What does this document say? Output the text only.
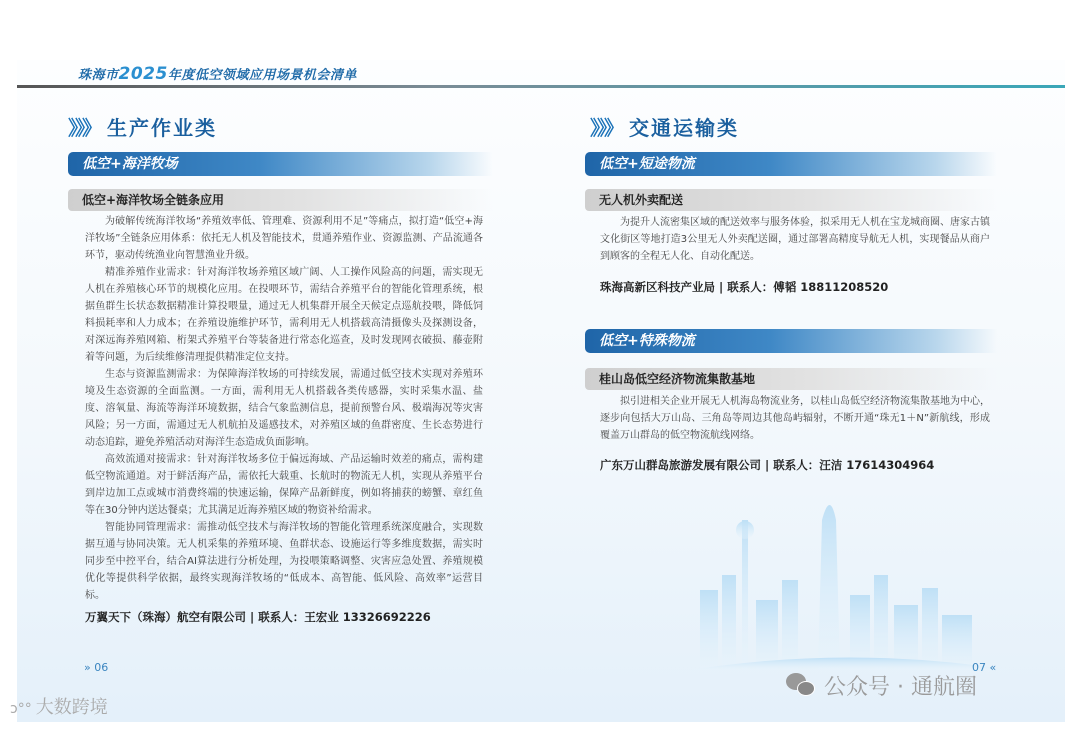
珠海市2025年度低空领域应用场景机会清单
》》》 生产作业类
低空+海洋牧场
低空+海洋牧场全链条应用

为破解传统海洋牧场“养殖效率低、管理难、资源利用不足”等痛点，拟打造“低空+海洋牧场”全链条应用体系：依托无人机及智能技术，贯通养殖作业、资源监测、产品流通各环节，驱动传统渔业向智慧渔业升级。

精准养殖作业需求：针对海洋牧场养殖区域广阔、人工操作风险高的问题，需实现无人机在养殖核心环节的规模化应用。在投喂环节，需结合养殖平台的智能化管理系统，根据鱼群生长状态数据精准计算投喂量，通过无人机集群开展全天候定点巡航投喂，降低饲料损耗率和人力成本；在养殖设施维护环节，需利用无人机搭载高清摄像头及探测设备，对深远海养殖网箱、桁架式养殖平台等装备进行常态化巡查，及时发现网衣破损、藤壶附着等问题，为后续维修清理提供精准定位支持。

生态与资源监测需求：为保障海洋牧场的可持续发展，需通过低空技术实现对养殖环境及生态资源的全面监测。一方面，需利用无人机搭载各类传感器，实时采集水温、盐度、溶氧量、海流等海洋环境数据，结合气象监测信息，提前预警台风、极端海况等灾害风险；另一方面，需通过无人机航拍及遥感技术，对养殖区域的鱼群密度、生长态势进行动态追踪，避免养殖活动对海洋生态造成负面影响。

高效流通对接需求：针对海洋牧场多位于偏远海域、产品运输时效差的痛点，需构建低空物流通道。对于鲜活海产品，需依托大载重、长航时的物流无人机，实现从养殖平台到岸边加工点或城市消费终端的快速运输，保障产品新鲜度，例如将捕获的螃蟹、章红鱼等在30分钟内送达餐桌；尤其满足近海养殖区域的物资补给需求。

智能协同管理需求：需推动低空技术与海洋牧场的智能化管理系统深度融合，实现数据互通与协同决策。无人机采集的养殖环境、鱼群状态、设施运行等多维度数据，需实时同步至中控平台，结合AI算法进行分析处理，为投喂策略调整、灾害应急处置、养殖规模优化等提供科学依据，最终实现海洋牧场的“低成本、高智能、低风险、高效率”运营目标。

万翼天下（珠海）航空有限公司 | 联系人：王宏业 13326692226
» 06
》》》 交通运输类
低空+短途物流
无人机外卖配送

为提升人流密集区域的配送效率与服务体验，拟采用无人机在宝龙城商圈、唐家古镇文化街区等地打造3公里无人外卖配送圈，通过部署高精度导航无人机，实现餐品从商户到顾客的全程无人化、自动化配送。

珠海高新区科技产业局 | 联系人：傅韬 18811208520
低空+特殊物流
桂山岛低空经济物流集散基地

拟引进相关企业开展无人机海岛物流业务，以桂山岛低空经济物流集散基地为中心，逐步向包括大万山岛、三角岛等周边其他岛屿辐射，不断开通“珠无1＋N”新航线，形成覆盖万山群岛的低空物流航线网络。

广东万山群岛旅游发展有限公司 | 联系人：汪洁 17614304964
07 «
ↄ°° 大数跨境
公众号 · 通航圈
